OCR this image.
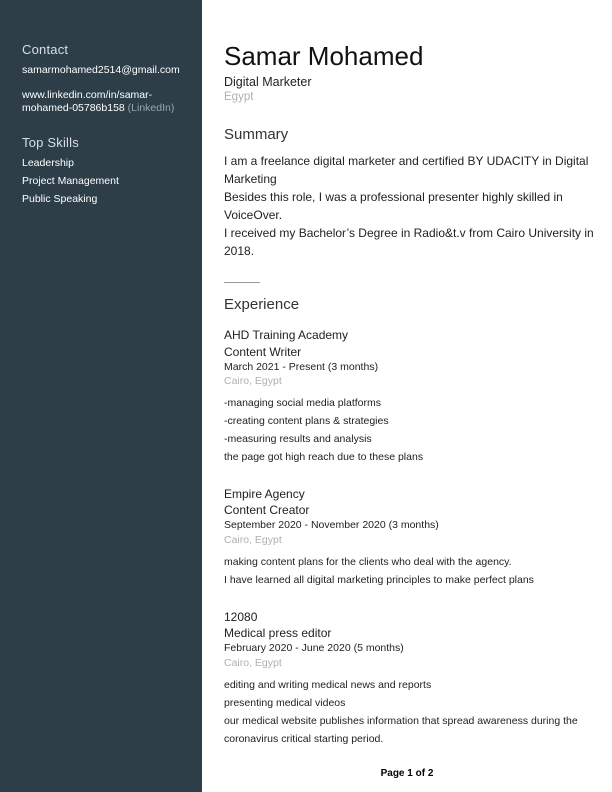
Contact
samarmohamed2514@gmail.com
www.linkedin.com/in/samar-
mohamed-05786b158 (LinkedIn)
Top Skills
Leadership
Project Management
Public Speaking
Samar Mohamed
Digital Marketer
Egypt
Summary
I am a freelance digital marketer and certified BY UDACITY in Digital Marketing
Besides this role, I was a professional presenter highly skilled in VoiceOver.
I received my Bachelor’s Degree in Radio&t.v from Cairo University in 2018.
Experience
AHD Training Academy
Content Writer
March 2021 - Present (3 months)
Cairo, Egypt
-managing social media platforms
-creating content plans & strategies
-measuring results and analysis
the page got high reach due to these plans
Empire Agency
Content Creator
September 2020 - November 2020 (3 months)
Cairo, Egypt
making content plans for the clients who deal with the agency.
I have learned all digital marketing principles to make perfect plans
12080
Medical press editor
February 2020 - June 2020 (5 months)
Cairo, Egypt
editing and writing medical news and reports
presenting medical videos
our medical website publishes information that spread awareness during the
coronavirus critical starting period.
Page 1 of 2
